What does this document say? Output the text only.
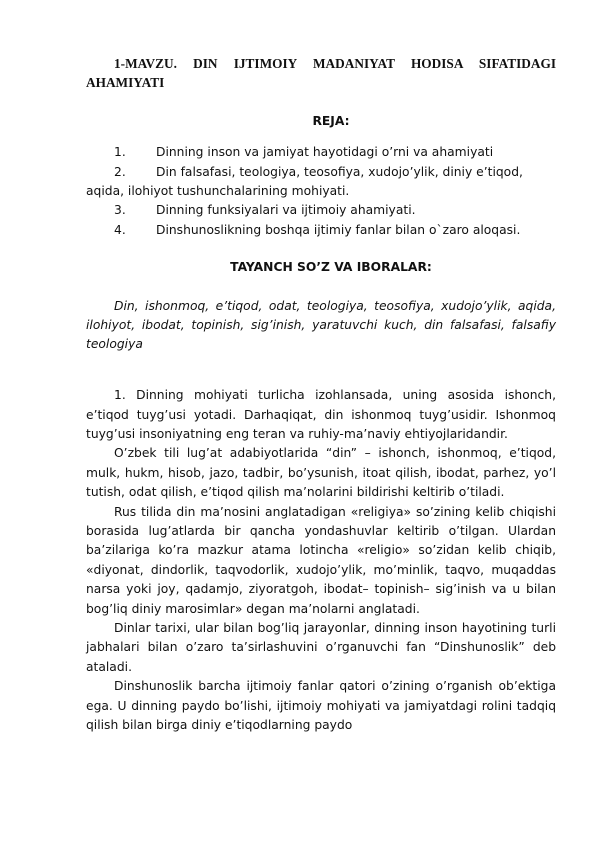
1-MAVZU. DIN IJTIMOIY MADANIYAT HODISA SIFATIDAGI AHAMIYATI

REJA:
1.	Dinning inson va jamiyat hayotidagi o’rni va ahamiyati
2.	Din falsafasi, teologiya, teosofiya, xudojo’ylik, diniy e’tiqod,

aqida, ilohiyot tushunchalarining mohiyati.

3.	Dinning funksiyalari va ijtimoiy ahamiyati.
4.	Dinshunoslikning boshqa ijtimiy fanlar bilan o`zaro aloqasi.
TAYANCH SO’Z VA IBORALAR:

Din, ishonmoq, e’tiqod, odat, teologiya, teosofiya, xudojo’ylik, aqida, ilohiyot, ibodat, topinish, sig’inish, yaratuvchi kuch, din falsafasi, falsafiy teologiya

1. Dinning mohiyati turlicha izohlansada, uning asosida ishonch, e’tiqod tuyg’usi yotadi. Darhaqiqat, din ishonmoq tuyg’usidir. Ishonmoq tuyg’usi insoniyatning eng teran va ruhiy-ma’naviy ehtiyojlaridandir.

O’zbek tili lug’at adabiyotlarida “din” – ishonch, ishonmoq, e’tiqod, mulk, hukm, hisob, jazo, tadbir, bo’ysunish, itoat qilish, ibodat, parhez, yo’l tutish, odat qilish, e’tiqod qilish ma’nolarini bildirishi keltirib o’tiladi.

Rus tilida din ma’nosini anglatadigan «religiya» so’zining kelib chiqishi borasida lug’atlarda bir qancha yondashuvlar keltirib o’tilgan. Ulardan ba’zilariga ko’ra mazkur atama lotincha «religio» so’zidan kelib chiqib, «diyonat, dindorlik, taqvodorlik, xudojo’ylik, mo’minlik, taqvo, muqaddas narsa yoki joy, qadamjo, ziyoratgoh, ibodat– topinish– sig’inish va u bilan bog’liq diniy marosimlar» degan ma’nolarni anglatadi.

Dinlar tarixi, ular bilan bog’liq jarayonlar, dinning inson hayotining turli jabhalari bilan o’zaro ta’sirlashuvini o’rganuvchi fan “Dinshunoslik” deb ataladi.

Dinshunoslik barcha ijtimoiy fanlar qatori o’zining o’rganish ob’ektiga ega. U dinning paydo bo’lishi, ijtimoiy mohiyati va jamiyatdagi rolini tadqiq qilish bilan birga diniy e’tiqodlarning paydo
